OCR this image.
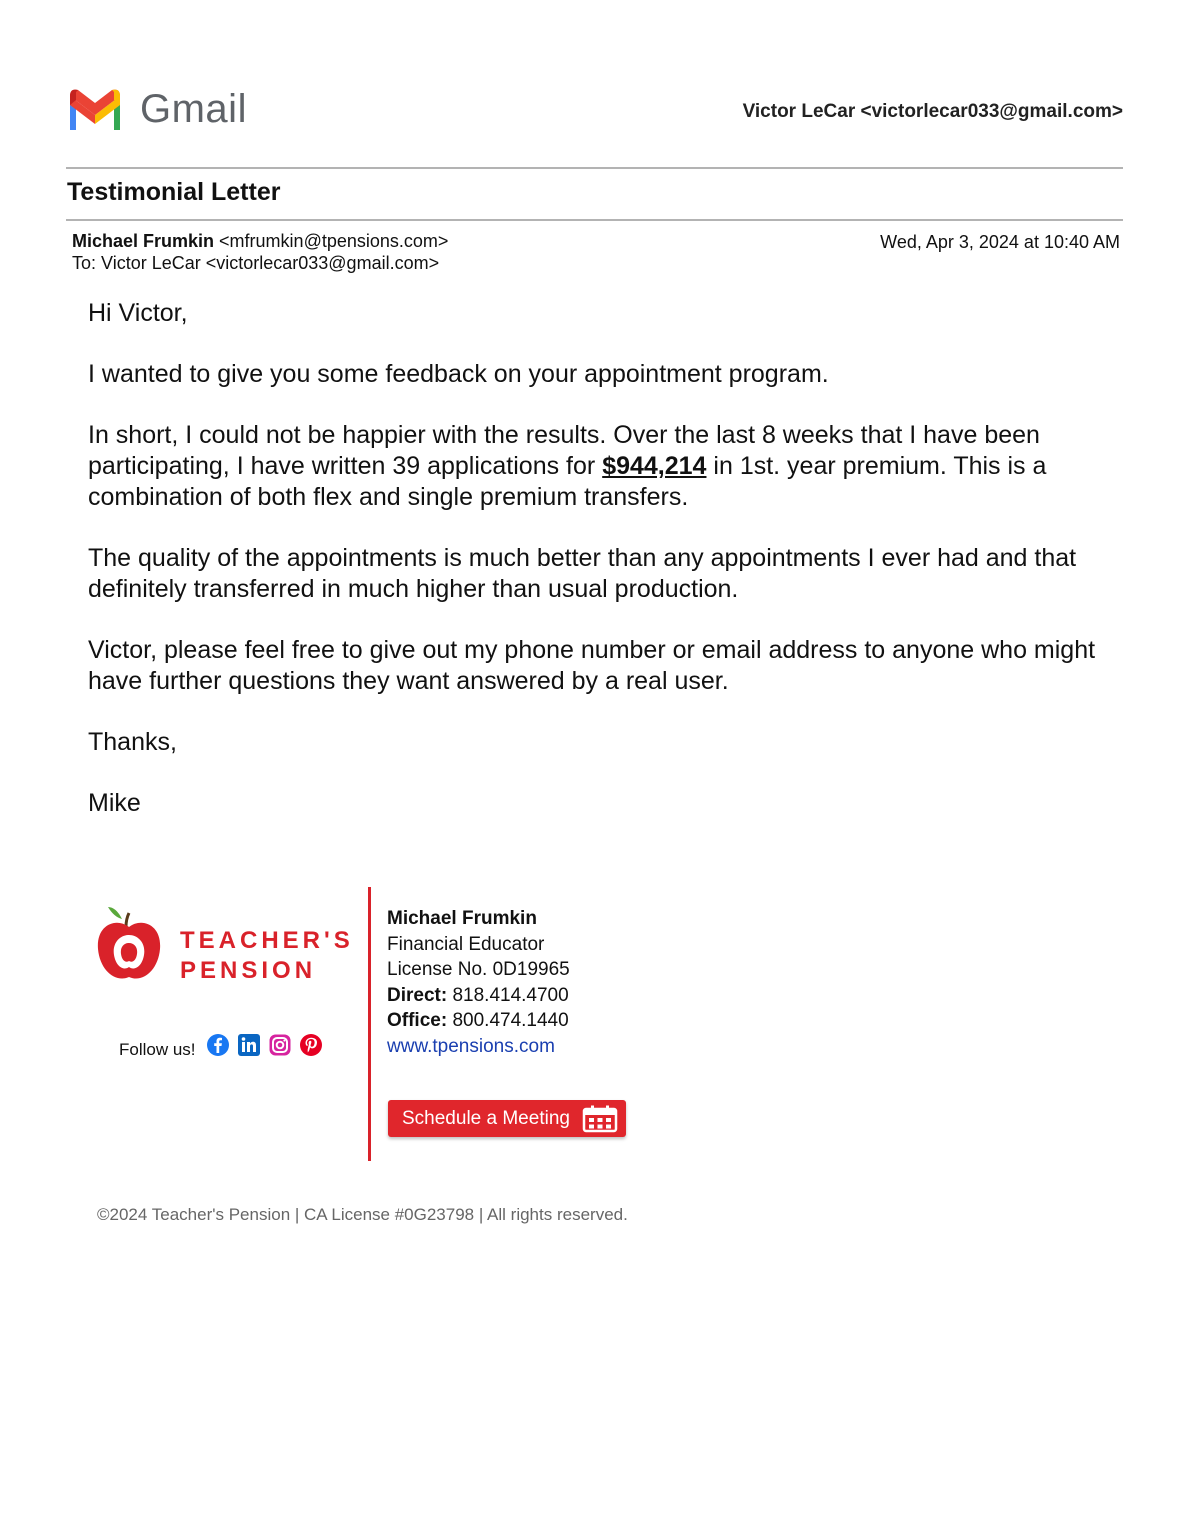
Gmail	Victor LeCar <victorlecar033@gmail.com>
Testimonial Letter
Michael Frumkin <mfrumkin@tpensions.com>
To: Victor LeCar <victorlecar033@gmail.com>
Wed, Apr 3, 2024 at 10:40 AM

Hi Victor,

I wanted to give you some feedback on your appointment program.

In short, I could not be happier with the results. Over the last 8 weeks that I have been participating, I have written 39 applications for $944,214 in 1st. year premium. This is a combination of both flex and single premium transfers.

The quality of the appointments is much better than any appointments I ever had and that definitely transferred in much higher than usual production.

Victor, please feel free to give out my phone number or email address to anyone who might have further questions they want answered by a real user.

Thanks,

Mike

TEACHER'S
PENSION
Follow us!
Michael Frumkin
Financial Educator
License No. 0D19965
Direct: 818.414.4700
Office: 800.474.1440
www.tpensions.com
Schedule a Meeting
©2024 Teacher's Pension | CA License #0G23798 | All rights reserved.
